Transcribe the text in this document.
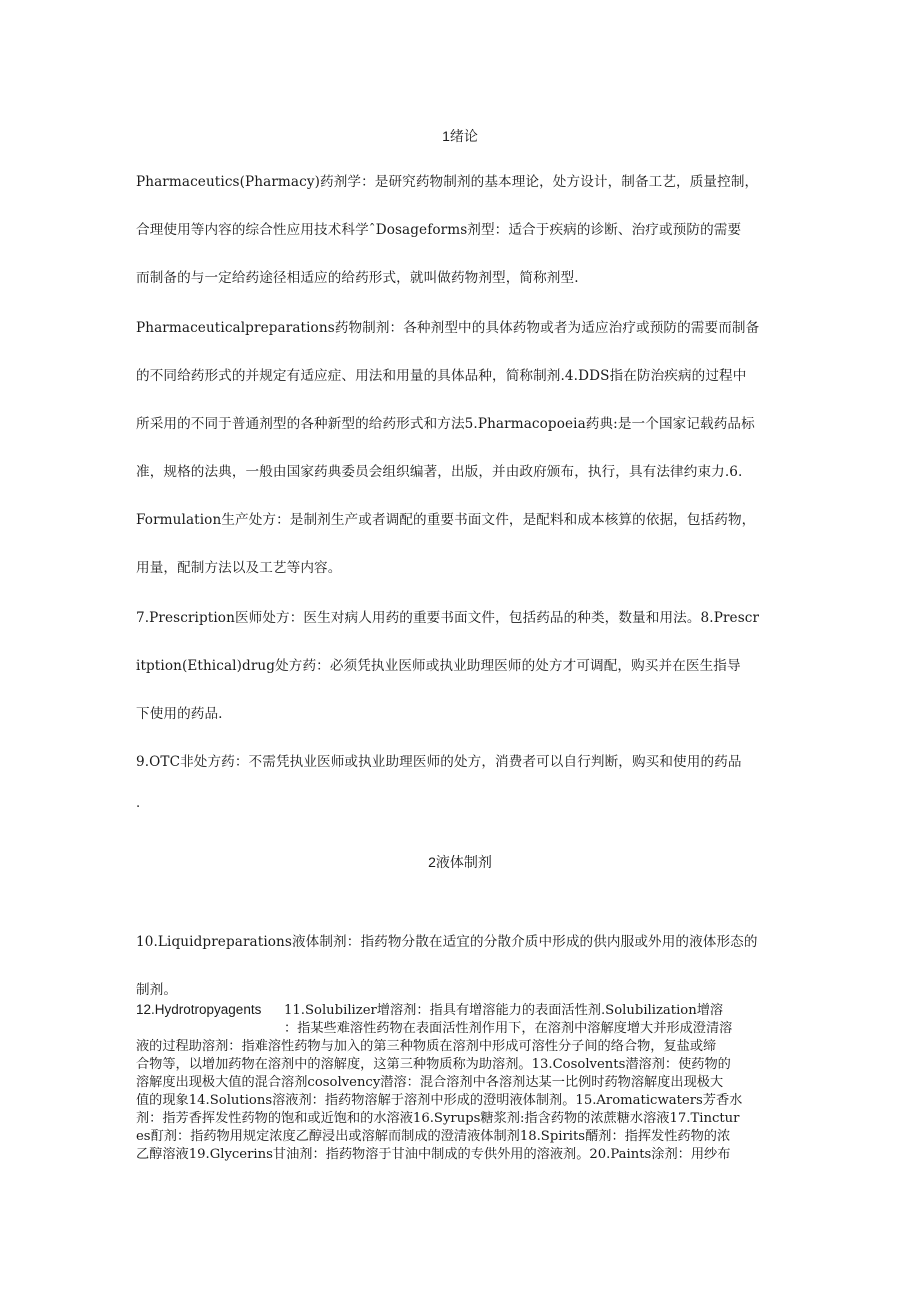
1绪论
Pharmaceutics(Pharmacy)药剂学：是研究药物制剂的基本理论，处方设计，制备工艺，质量控制，
合理使用等内容的综合性应用技术科学ˆDosageforms剂型：适合于疾病的诊断、治疗或预防的需要
而制备的与一定给药途径相适应的给药形式，就叫做药物剂型，简称剂型.
Pharmaceuticalpreparations药物制剂：各种剂型中的具体药物或者为适应治疗或预防的需要而制备
的不同给药形式的并规定有适应症、用法和用量的具体品种，简称制剂.4.DDS指在防治疾病的过程中
所采用的不同于普通剂型的各种新型的给药形式和方法5.Pharmacopoeia药典:是一个国家记载药品标
准，规格的法典，一般由国家药典委员会组织编著，出版，并由政府颁布，执行，具有法律约束力.6.
Formulation生产处方：是制剂生产或者调配的重要书面文件，是配料和成本核算的依据，包括药物，
用量，配制方法以及工艺等内容。
7.Prescription医师处方：医生对病人用药的重要书面文件，包括药品的种类，数量和用法。8.Prescr
itption(Ethical)drug处方药：必须凭执业医师或执业助理医师的处方才可调配，购买并在医生指导
下使用的药品.
9.OTC非处方药：不需凭执业医师或执业助理医师的处方，消费者可以自行判断，购买和使用的药品
.
2液体制剂
10.Liquidpreparations液体制剂：指药物分散在适宜的分散介质中形成的供内服或外用的液体形态的
制剂。
12.Hydrotropyagents 11.Solubilizer增溶剂：指具有增溶能力的表面活性剂.Solubilization增溶
：指某些难溶性药物在表面活性剂作用下，在溶剂中溶解度增大并形成澄清溶
液的过程助溶剂：指难溶性药物与加入的第三种物质在溶剂中形成可溶性分子间的络合物，复盐或缔
合物等，以增加药物在溶剂中的溶解度，这第三种物质称为助溶剂。13.Cosolvents潜溶剂：使药物的
溶解度出现极大值的混合溶剂cosolvency潜溶：混合溶剂中各溶剂达某一比例时药物溶解度出现极大
值的现象14.Solutions溶液剂：指药物溶解于溶剂中形成的澄明液体制剂。15.Aromaticwaters芳香水
剂：指芳香挥发性药物的饱和或近饱和的水溶液16.Syrups糖浆剂:指含药物的浓蔗糖水溶液17.Tinctur
es酊剂：指药物用规定浓度乙醇浸出或溶解而制成的澄清液体制剂18.Spirits醑剂：指挥发性药物的浓
乙醇溶液19.Glycerins甘油剂：指药物溶于甘油中制成的专供外用的溶液剂。20.Paints涂剂：用纱布
